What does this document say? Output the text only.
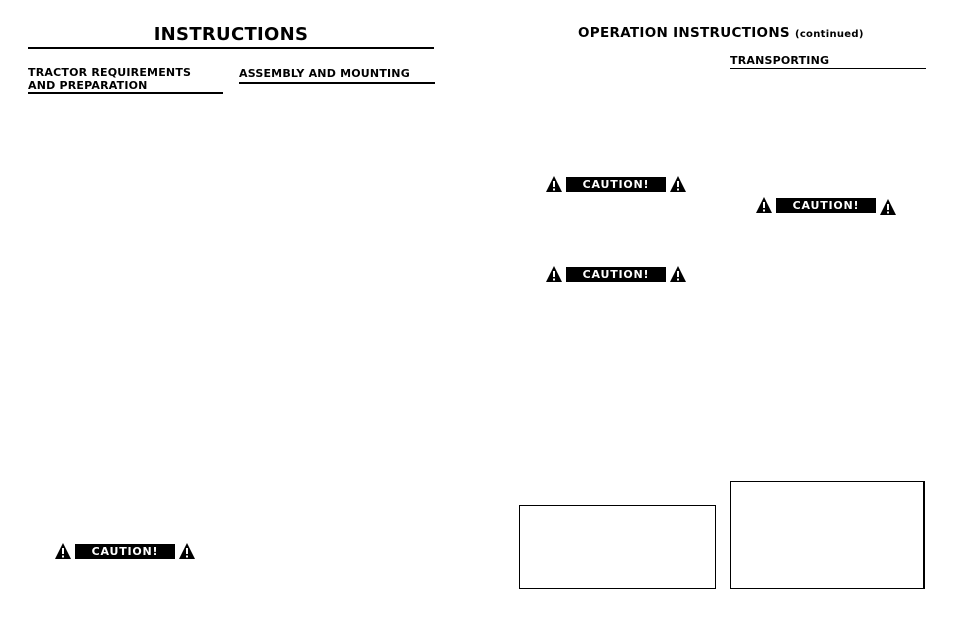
INSTRUCTIONS
TRACTOR REQUIREMENTS
AND PREPARATION
ASSEMBLY AND MOUNTING
CAUTION!
OPERATION INSTRUCTIONS (continued)
TRANSPORTING
CAUTION!
CAUTION!
CAUTION!
